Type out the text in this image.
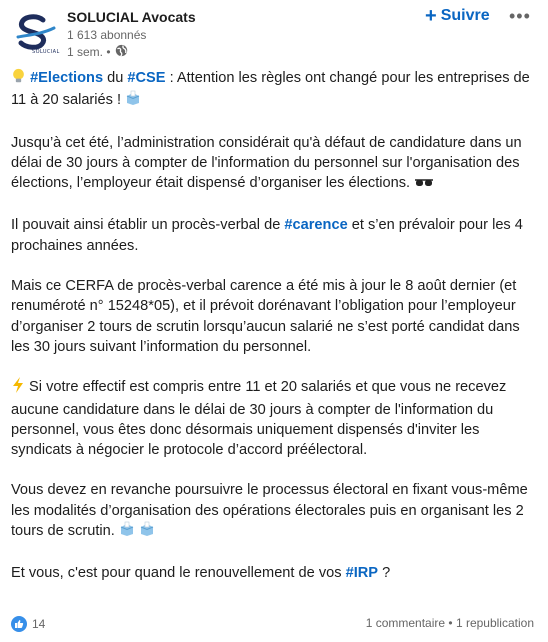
SOLUCIAL
SOLUCIAL Avocats
1 613 abonnés
1 sem. •
+ Suivre •••

#Elections du #CSE : Attention les règles ont changé pour les entreprises de 11 à 20 salariés !

Jusqu’à cet été, l’administration considérait qu'à défaut de candidature dans un délai de 30 jours à compter de l'information du personnel sur l'organisation des élections, l’employeur était dispensé d’organiser les élections.

Il pouvait ainsi établir un procès-verbal de #carence et s’en prévaloir pour les 4 prochaines années.

Mais ce CERFA de procès-verbal carence a été mis à jour le 8 août dernier (et renuméroté n° 15248*05), et il prévoit dorénavant l’obligation pour l’employeur d’organiser 2 tours de scrutin lorsqu’aucun salarié ne s’est porté candidat dans les 30 jours suivant l’information du personnel.

Si votre effectif est compris entre 11 et 20 salariés et que vous ne recevez aucune candidature dans le délai de 30 jours à compter de l'information du personnel, vous êtes donc désormais uniquement dispensés d'inviter les syndicats à négocier le protocole d’accord préélectoral.

Vous devez en revanche poursuivre le processus électoral en fixant vous-même les modalités d’organisation des opérations électorales puis en organisant les 2 tours de scrutin.

Et vous, c'est pour quand le renouvellement de vos #IRP ?

14	1 commentaire • 1 republication
